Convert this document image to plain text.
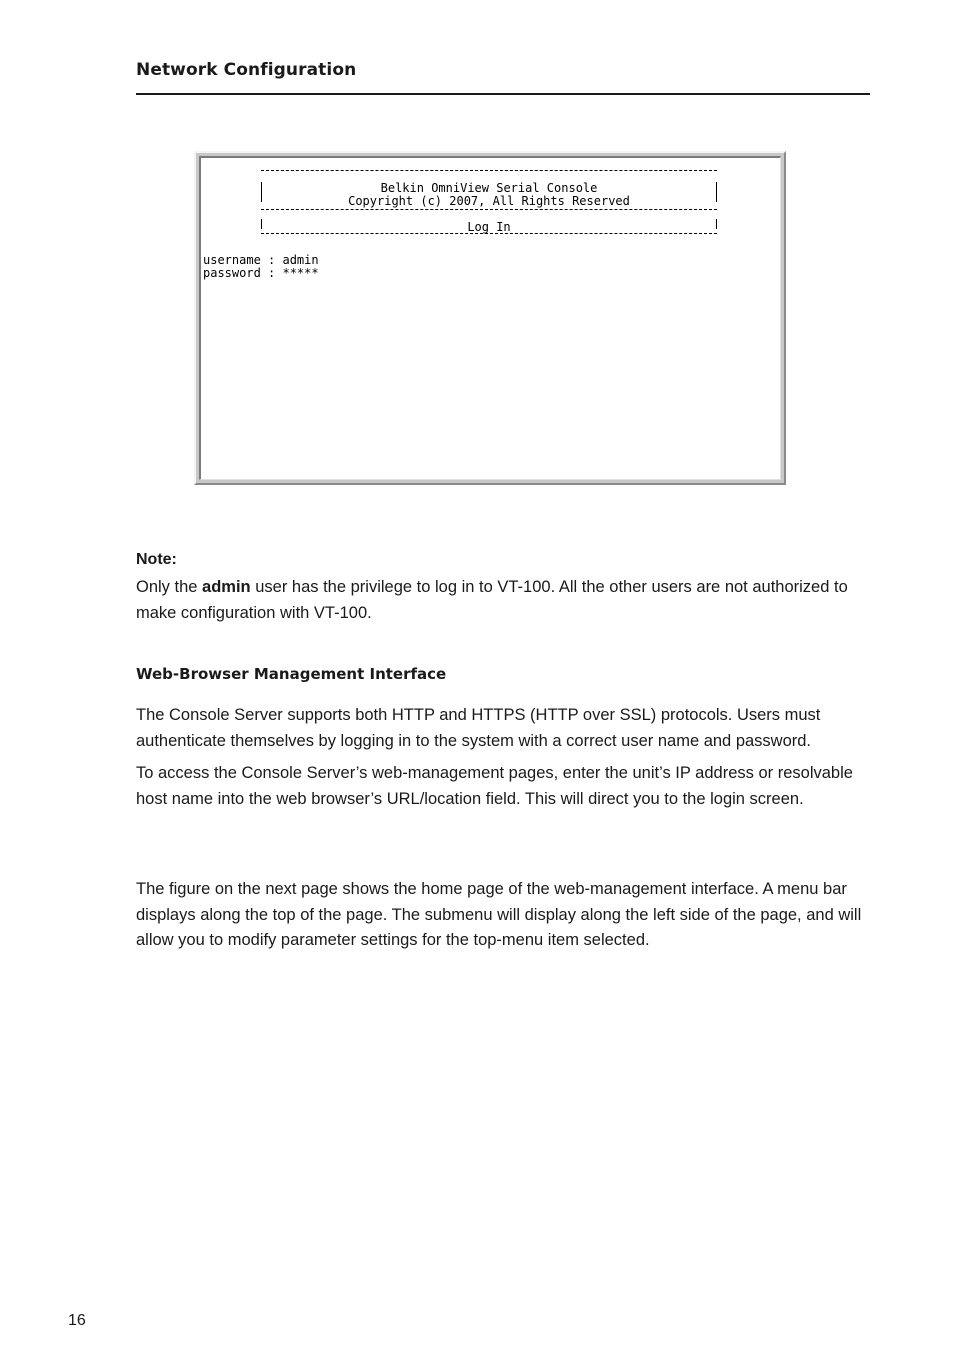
Network Configuration
Belkin OmniView Serial Console
Copyright (c) 2007, All Rights Reserved
Log In
username : admin
password : *****
Note:
Only the admin user has the privilege to log in to VT-100. All the other users are not authorized to make configuration with VT-100.
Web-Browser Management Interface
The Console Server supports both HTTP and HTTPS (HTTP over SSL) protocols. Users must authenticate themselves by logging in to the system with a correct user name and password.
To access the Console Server’s web-management pages, enter the unit’s IP address or resolvable host name into the web browser’s URL/location field. This will direct you to the login screen.
The figure on the next page shows the home page of the web-management interface. A menu bar displays along the top of the page. The submenu will display along the left side of the page, and will allow you to modify parameter settings for the top-menu item selected.
16
